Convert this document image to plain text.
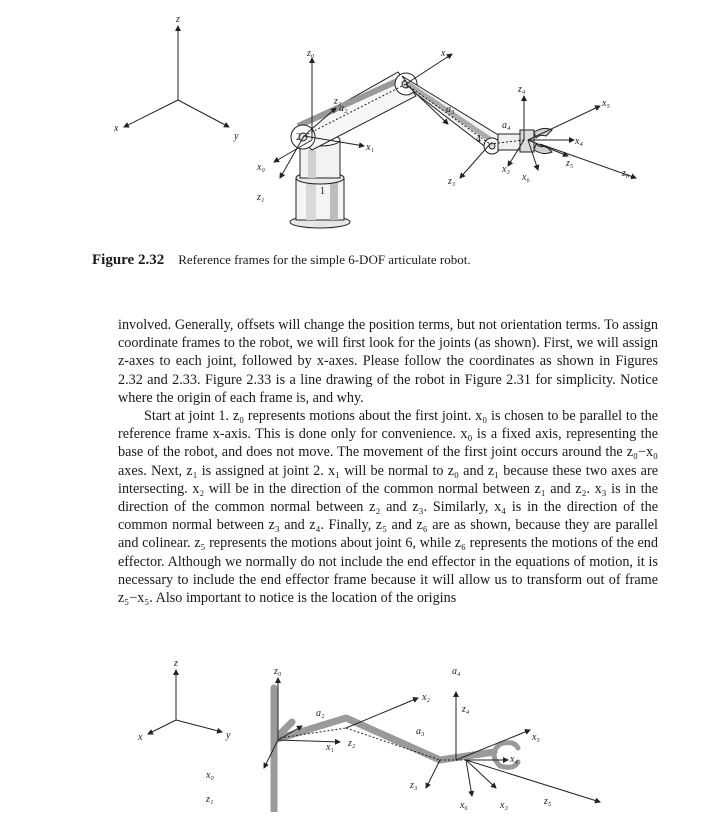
z
x
y
z₀
x₀
z₁
x₁
z₂
a₂
x₂
a₃
a₄
z₃
x₃
z₄
x₄
x₅
z₅
x₆	z₆
1
2
3
4
Figure 2.32 Reference frames for the simple 6-DOF articulate robot.

involved. Generally, offsets will change the position terms, but not orientation terms. To assign coordinate frames to the robot, we will first look for the joints (as shown). First, we will assign z-axes to each joint, followed by x-axes. Please follow the coordinates as shown in Figures 2.32 and 2.33. Figure 2.33 is a line drawing of the robot in Figure 2.31 for simplicity. Notice where the origin of each frame is, and why.

Start at joint 1. z₀ represents motions about the first joint. x₀ is chosen to be parallel to the reference frame x-axis. This is done only for convenience. x₀ is a fixed axis, representing the base of the robot, and does not move. The movement of the first joint occurs around the z₀−x₀ axes. Next, z₁ is assigned at joint 2. x₁ will be normal to z₀ and z₁ because these two axes are intersecting. x₂ will be in the direction of the common normal between z₁ and z₂. x₃ is in the direction of the common normal between z₂ and z₃. Similarly, x₄ is in the direction of the common normal between z₃ and z₄. Finally, z₅ and z₆ are as shown, because they are parallel and colinear. z₅ represents the motions about joint 6, while z₆ represents the motions of the end effector. Although we normally do not include the end effector in the equations of motion, it is necessary to include the end effector frame because it will allow us to transform out of frame z₅−x₅. Also important to notice is the location of the origins

z
x	y
z₀
x₀
z₁
a₂
x₁ z₂
x₂
a₃
a₄
z₄
x₅
x₄
z₃
x₆	x₃	z₅
